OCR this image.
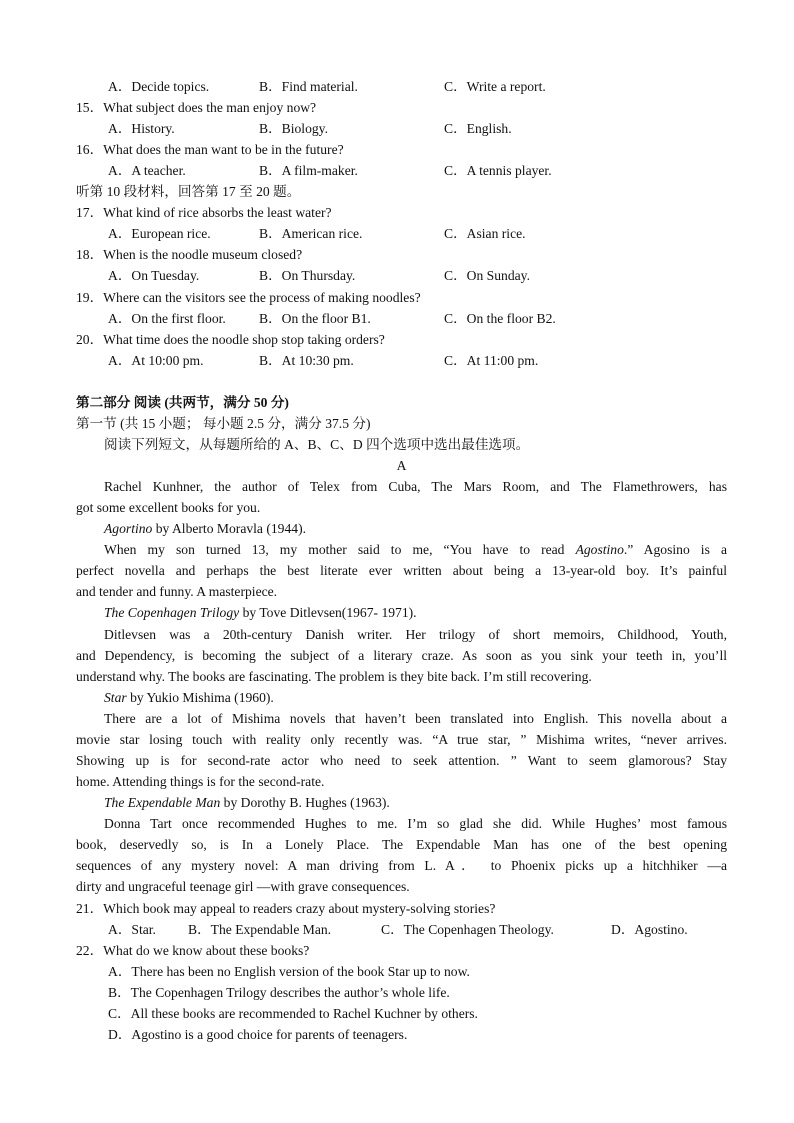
A．Decide topics.	B．Find material.	C．Write a report.
15．What subject does the man enjoy now?
A．History.	B．Biology.	C．English.
16．What does the man want to be in the future?
A．A teacher.	B．A film-maker.	C．A tennis player.
听第 10 段材料，回答第 17 至 20 题。
17．What kind of rice absorbs the least water?
A．European rice.	B．American rice.	C．Asian rice.
18．When is the noodle museum closed?
A．On Tuesday.	B．On Thursday.	C．On Sunday.
19．Where can the visitors see the process of making noodles?
A．On the first floor. B．On the floor B1.	C．On the floor B2.
20．What time does the noodle shop stop taking orders?
A．At 10:00 pm.	B．At 10:30 pm.	C．At 11:00 pm.
第二部分 阅读 (共两节，满分 50 分)
第一节 (共 15 小题； 每小题 2.5 分，满分 37.5 分)
阅读下列短文，从每题所给的 A、B、C、D 四个选项中选出最佳选项。
A
Rachel Kunhner, the author of Telex from Cuba, The Mars Room, and The Flamethrowers, has
got some excellent books for you.
Agortino by Alberto Moravla (1944).
When my son turned 13, my mother said to me, “You have to read Agostino.” Agosino is a
perfect novella and perhaps the best literate ever written about being a 13-year-old boy. It’s painful
and tender and funny. A masterpiece.
The Copenhagen Trilogy by Tove Ditlevsen(1967- 1971).
Ditlevsen was a 20th-century Danish writer. Her trilogy of short memoirs, Childhood, Youth,
and Dependency, is becoming the subject of a literary craze. As soon as you sink your teeth in, you’ll
understand why. The books are fascinating. The problem is they bite back. I’m still recovering.
Star by Yukio Mishima (1960).
There are a lot of Mishima novels that haven’t been translated into English. This novella about a
movie star losing touch with reality only recently was. “A true star, ” Mishima writes, “never arrives.
Showing up is for second-rate actor who need to seek attention. ” Want to seem glamorous? Stay
home. Attending things is for the second-rate.
The Expendable Man by Dorothy B. Hughes (1963).
Donna Tart once recommended Hughes to me. I’m so glad she did. While Hughes’ most famous
book, deservedly so, is In a Lonely Place. The Expendable Man has one of the best opening
sequences of any mystery novel: A man driving from L. A． to Phoenix picks up a hitchhiker —a
dirty and ungraceful teenage girl —with grave consequences.
21．Which book may appeal to readers crazy about mystery-solving stories?
A．Star. B．The Expendable Man.	C．The Copenhagen Theology.	D．Agostino.
22．What do we know about these books?
A．There has been no English version of the book Star up to now.
B．The Copenhagen Trilogy describes the author’s whole life.
C．All these books are recommended to Rachel Kuchner by others.
D．Agostino is a good choice for parents of teenagers.
